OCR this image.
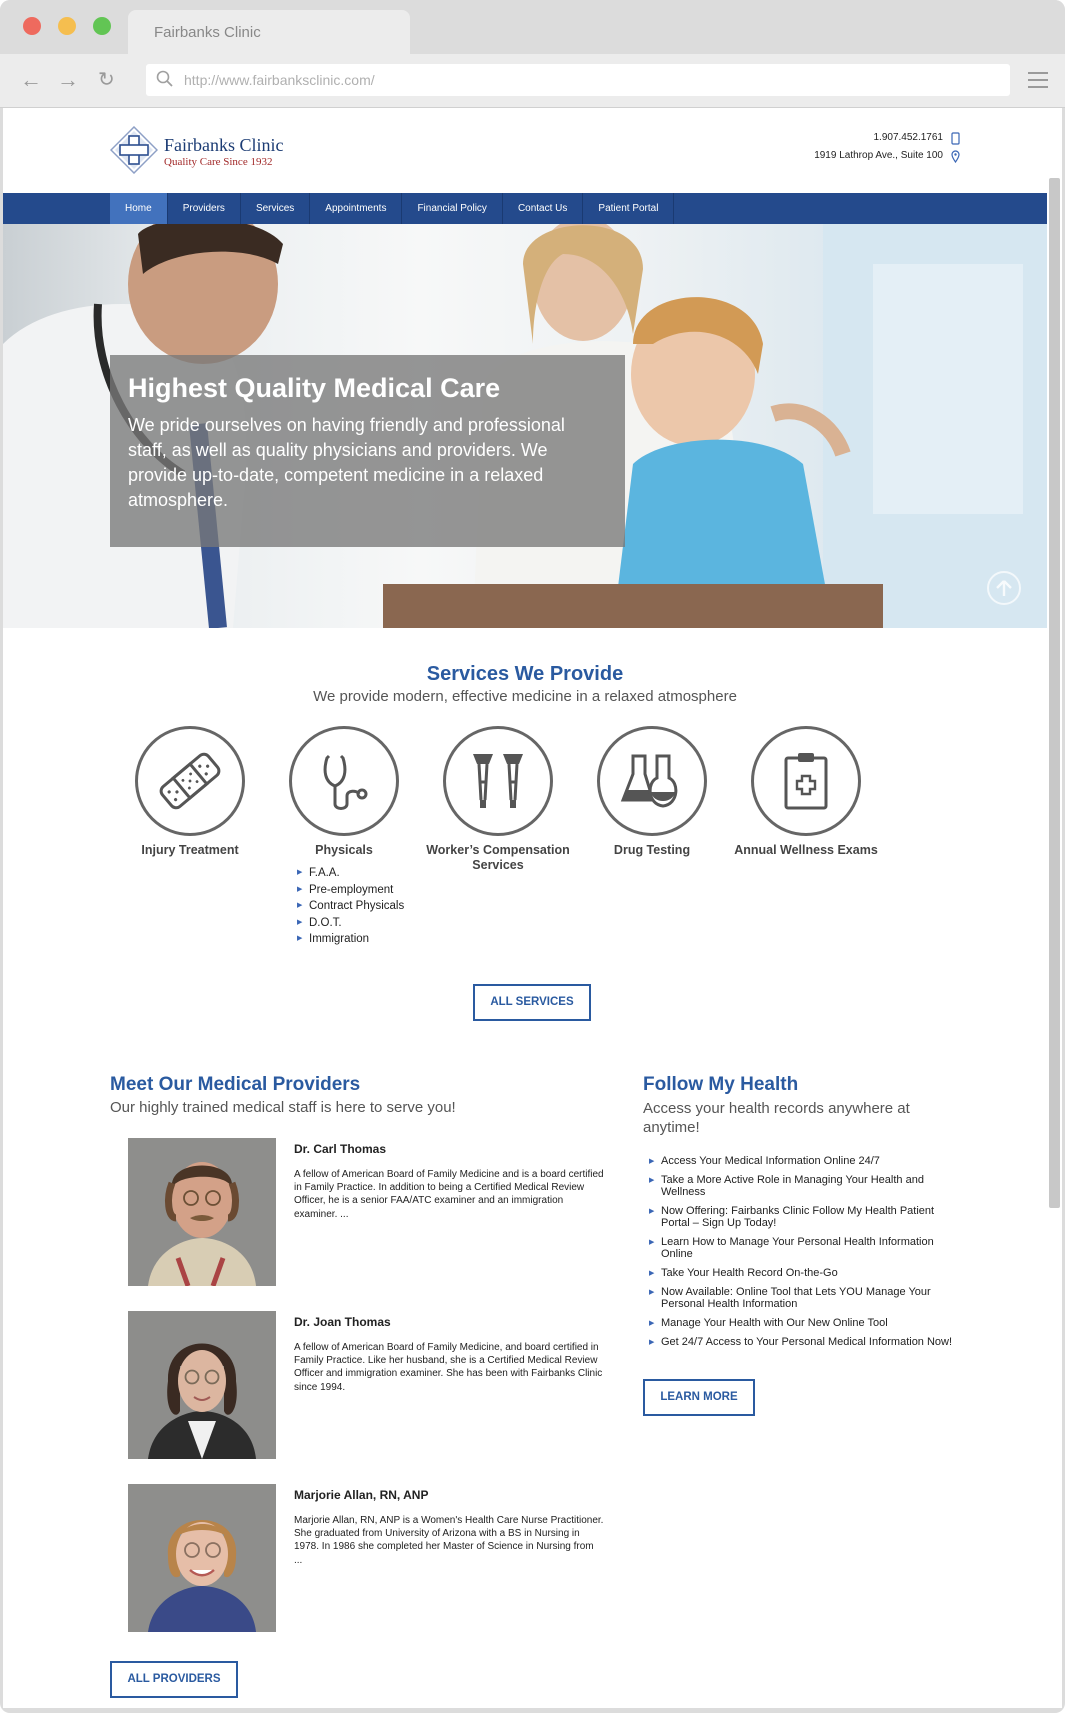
Fairbanks Clinic
← → ↻	http://www.fairbanksclinic.com/
Fairbanks Clinic
Quality Care Since 1932
1.907.452.1761
1919 Lathrop Ave., Suite 100
Home	Providers	Services	Appointments	Financial Policy	Contact Us	Patient Portal
Highest Quality Medical Care

We pride ourselves on having friendly and professional staff, as well as quality physicians and providers. We provide up-to-date, competent medicine in a relaxed atmosphere.

Services We Provide

We provide modern, effective medicine in a relaxed atmosphere

Injury Treatment	Physicals	Worker’s Compensation Services
Drug Testing	Annual Wellness Exams
▶ F.A.A.
▶ Pre-employment
▶ Contract Physicals
▶ D.O.T.
▶ Immigration
ALL SERVICES
Meet Our Medical Providers

Our highly trained medical staff is here to serve you!

Dr. Carl Thomas
A fellow of American Board of Family Medicine and is a board certified in Family Practice. In addition to being a Certified Medical Review Officer, he is a senior FAA/ATC examiner and an immigration examiner. ...
Dr. Joan Thomas
A fellow of American Board of Family Medicine, and board certified in Family Practice. Like her husband, she is a Certified Medical Review Officer and immigration examiner. She has been with Fairbanks Clinic since 1994.
Marjorie Allan, RN, ANP
Marjorie Allan, RN, ANP is a Women's Health Care Nurse Practitioner. She graduated from University of Arizona with a BS in Nursing in 1978. In 1986 she completed her Master of Science in Nursing from ...
ALL PROVIDERS
Follow My Health

Access your health records anywhere at anytime!

▶ Access Your Medical Information Online 24/7
▶ Take a More Active Role in Managing Your Health and Wellness
▶ Now Offering: Fairbanks Clinic Follow My Health Patient Portal – Sign Up Today!
▶ Learn How to Manage Your Personal Health Information Online
▶ Take Your Health Record On-the-Go
▶ Now Available: Online Tool that Lets YOU Manage Your Personal Health Information
▶ Manage Your Health with Our New Online Tool
▶ Get 24/7 Access to Your Personal Medical Information Now!
LEARN MORE
